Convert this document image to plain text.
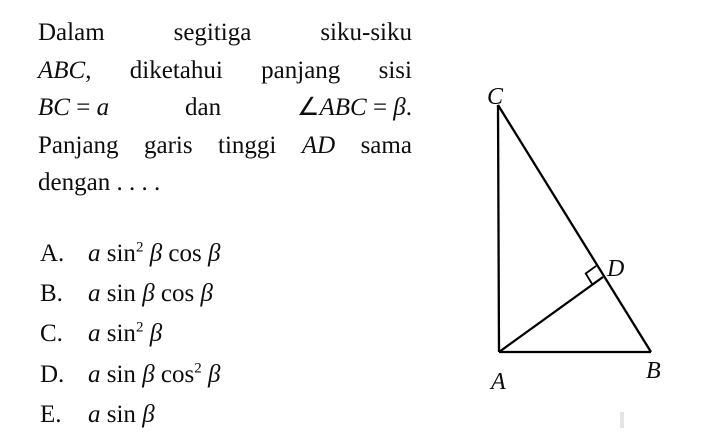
Dalam	segitiga	siku-siku
ABC, diketahui panjang sisi
BC = a	dan	∠ABC = β.
Panjang garis tinggi AD sama
dengan . . . .
A. a $\sin^2 \beta$ cos β
B.	a sin β cos β
C.	a $\sin^2 \beta$
D. a sin β $\cos^2 \beta$
E.	a sin β
A	B
C
D
